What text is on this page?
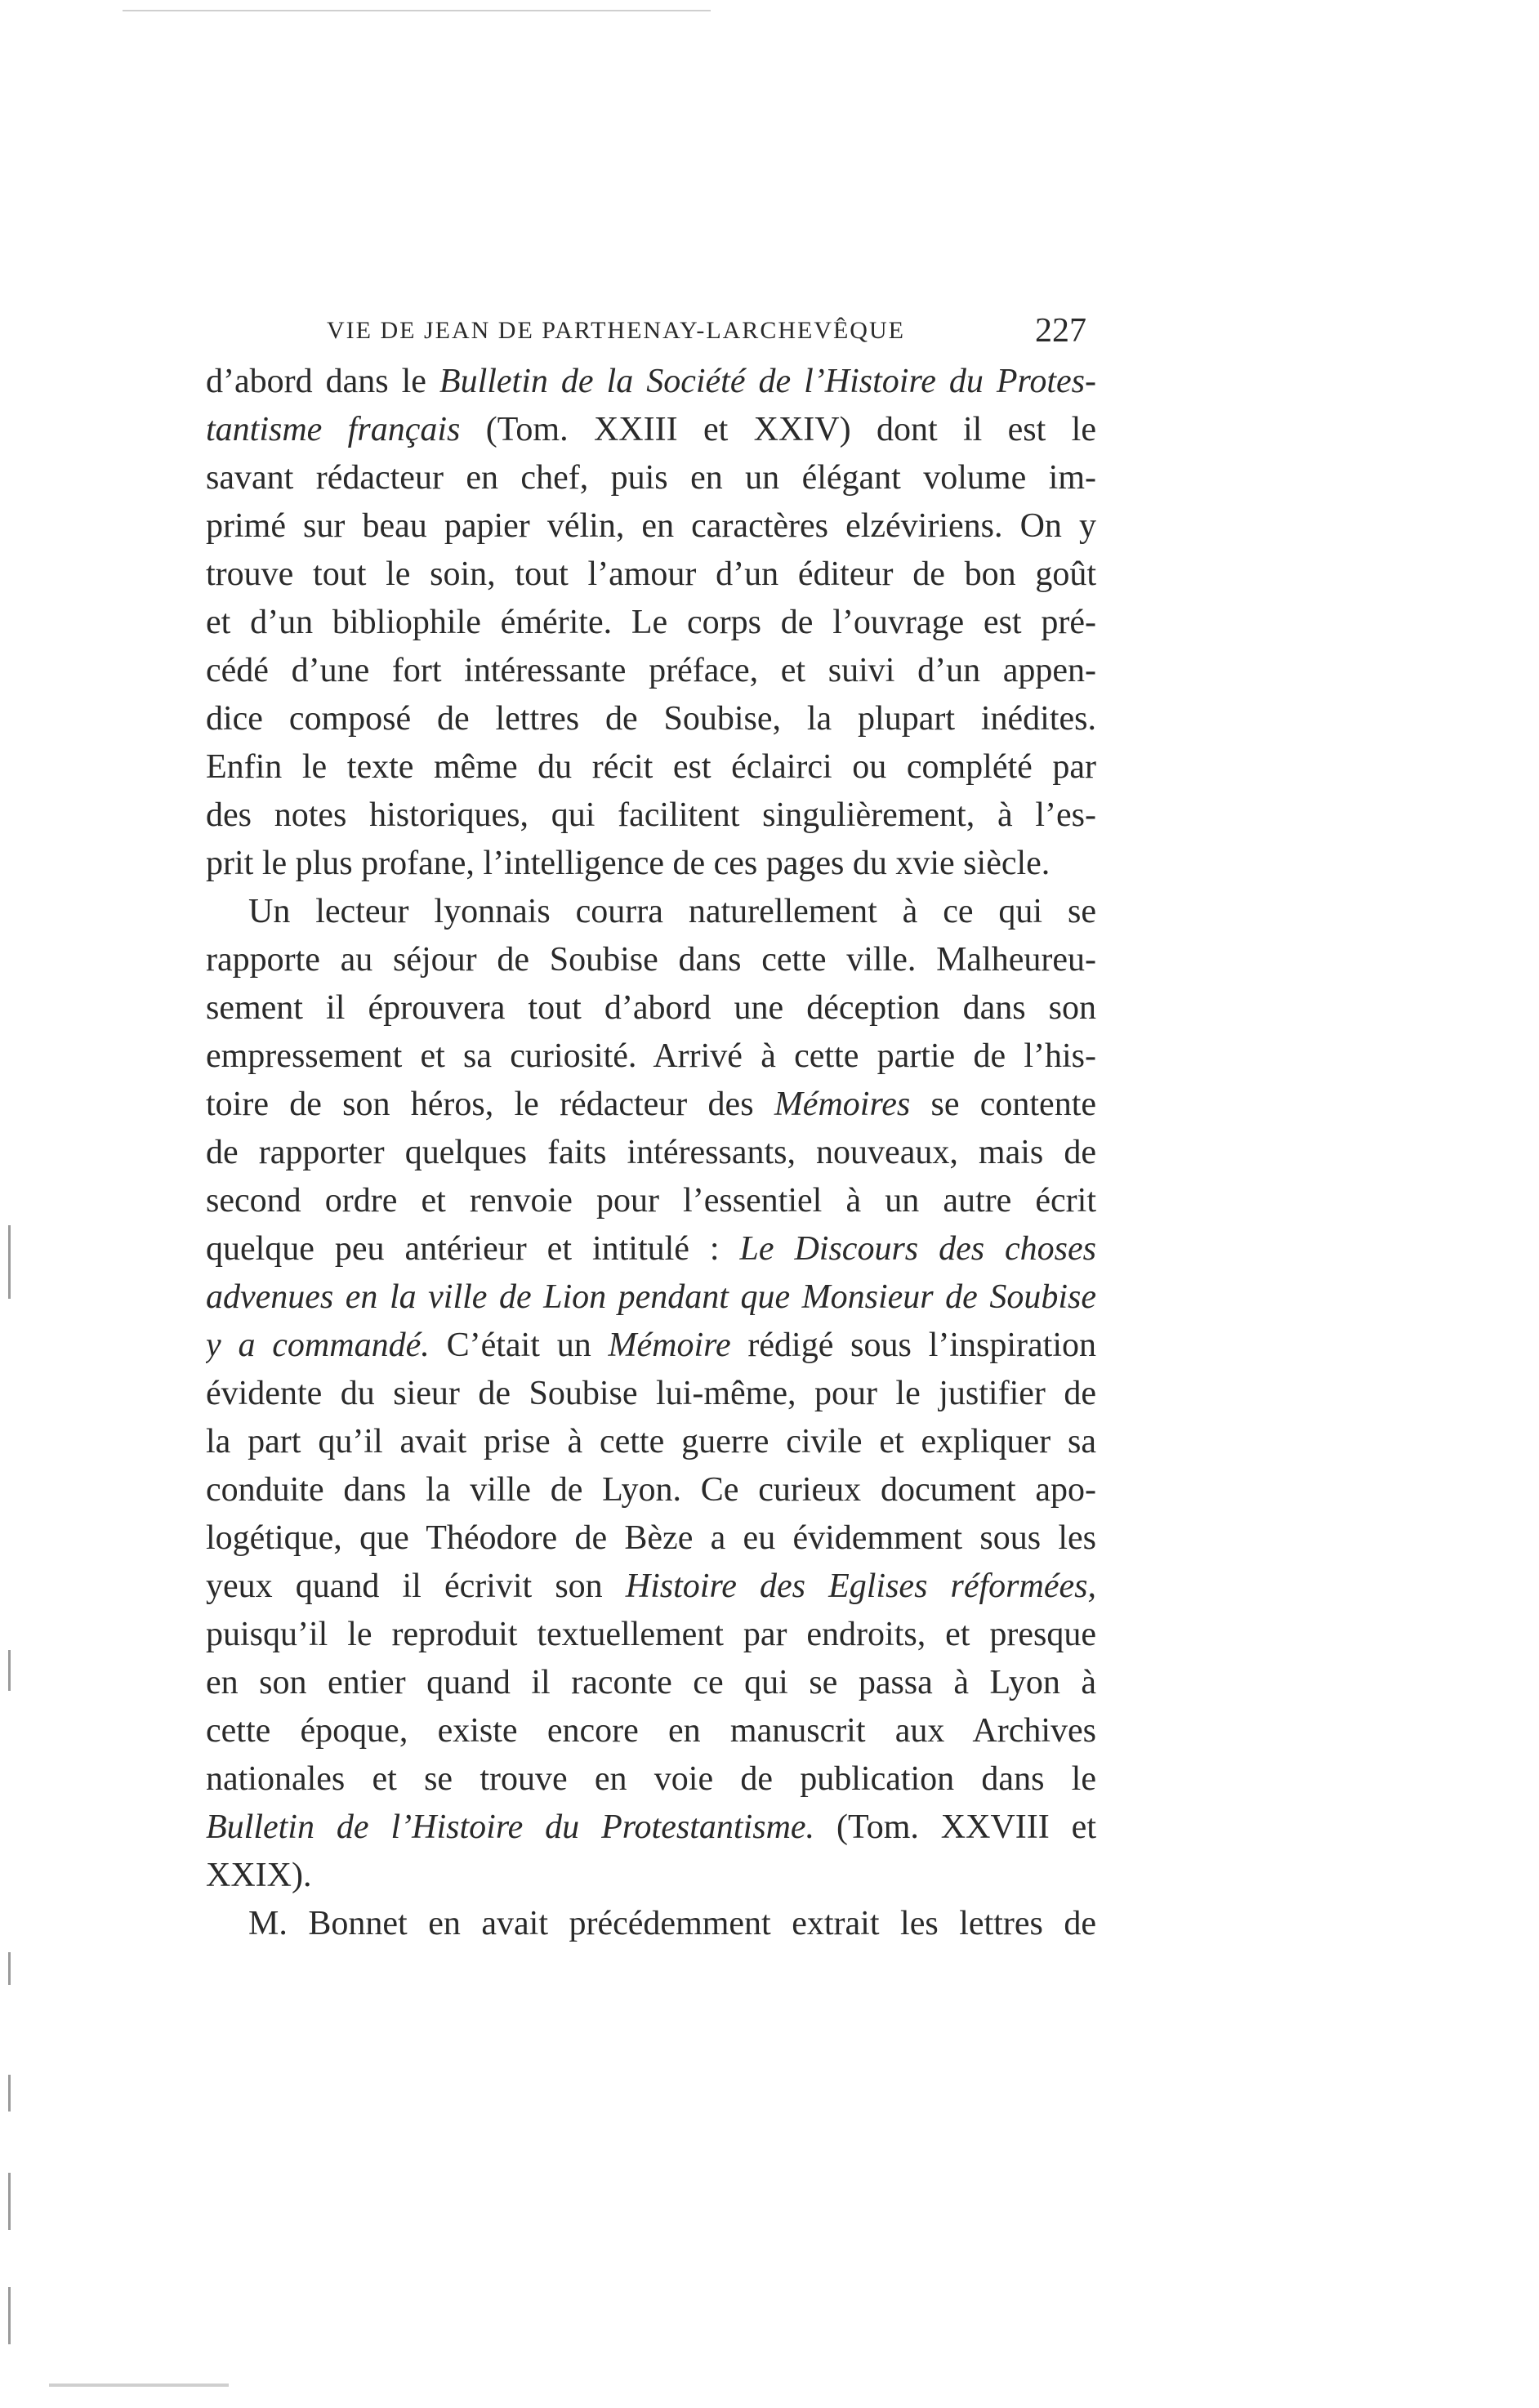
VIE DE JEAN DE PARTHENAY-LARCHEVÊQUE	227
d’abord dans le Bulletin de la Société de l’Histoire du Protes-
tantisme français (Tom. XXIII et XXIV) dont il est le
savant rédacteur en chef, puis en un élégant volume im-
primé sur beau papier vélin, en caractères elzéviriens. On y
trouve tout le soin, tout l’amour d’un éditeur de bon goût
et d’un bibliophile émérite. Le corps de l’ouvrage est pré-
cédé d’une fort intéressante préface, et suivi d’un appen-
dice composé de lettres de Soubise, la plupart inédites.
Enfin le texte même du récit est éclairci ou complété par
des notes historiques, qui facilitent singulièrement, à l’es-
prit le plus profane, l’intelligence de ces pages du xvie siècle.
Un lecteur lyonnais courra naturellement à ce qui se
rapporte au séjour de Soubise dans cette ville. Malheureu-
sement il éprouvera tout d’abord une déception dans son
empressement et sa curiosité. Arrivé à cette partie de l’his-
toire de son héros, le rédacteur des Mémoires se contente
de rapporter quelques faits intéressants, nouveaux, mais de
second ordre et renvoie pour l’essentiel à un autre écrit
quelque peu antérieur et intitulé : Le Discours des choses
advenues en la ville de Lion pendant que Monsieur de Soubise
y a commandé. C’était un Mémoire rédigé sous l’inspiration
évidente du sieur de Soubise lui-même, pour le justifier de
la part qu’il avait prise à cette guerre civile et expliquer sa
conduite dans la ville de Lyon. Ce curieux document apo-
logétique, que Théodore de Bèze a eu évidemment sous les
yeux quand il écrivit son Histoire des Eglises réformées,
puisqu’il le reproduit textuellement par endroits, et presque
en son entier quand il raconte ce qui se passa à Lyon à
cette époque, existe encore en manuscrit aux Archives
nationales et se trouve en voie de publication dans le
Bulletin de l’Histoire du Protestantisme. (Tom. XXVIII et
XXIX).
M. Bonnet en avait précédemment extrait les lettres de
